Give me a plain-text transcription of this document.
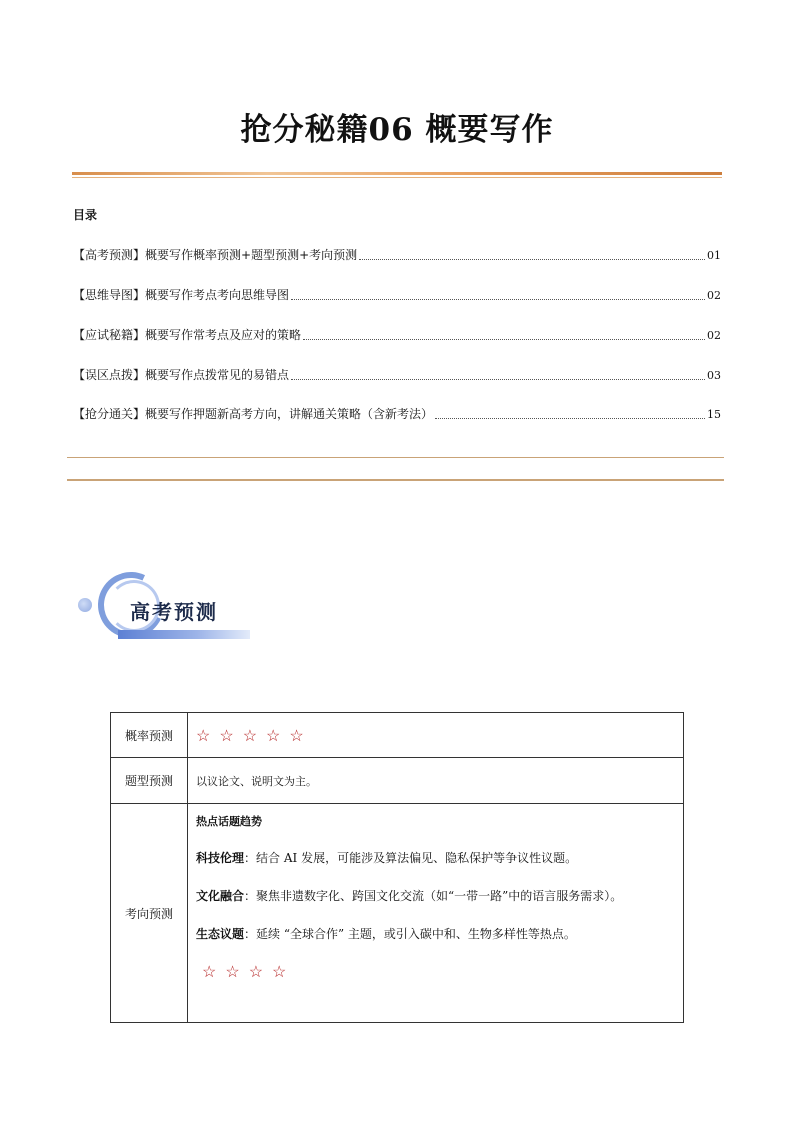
抢分秘籍06 概要写作
目录
【高考预测】 概要写作概率预测+题型预测+考向预测	01
【思维导图】 概要写作考点考向思维导图	02
【应试秘籍】 概要写作常考点及应对的策略	02
【误区点拨】 概要写作点拨常见的易错点	03
【抢分通关】 概要写作押题新高考方向，讲解通关策略（含新考法）	15
高考预测
概率预测	☆ ☆ ☆ ☆ ☆
题型预测	以议论文、说明文为主。
考向预测	热点话题趋势

科技伦理：结合 AI 发展，可能涉及算法偏见、隐私保护等争议性议题。

文化融合：聚焦非遗数字化、跨国文化交流（如“一带一路”中的语言服务需求）。

生态议题：延续 “全球合作” 主题，或引入碳中和、生物多样性等热点。

☆ ☆ ☆ ☆
